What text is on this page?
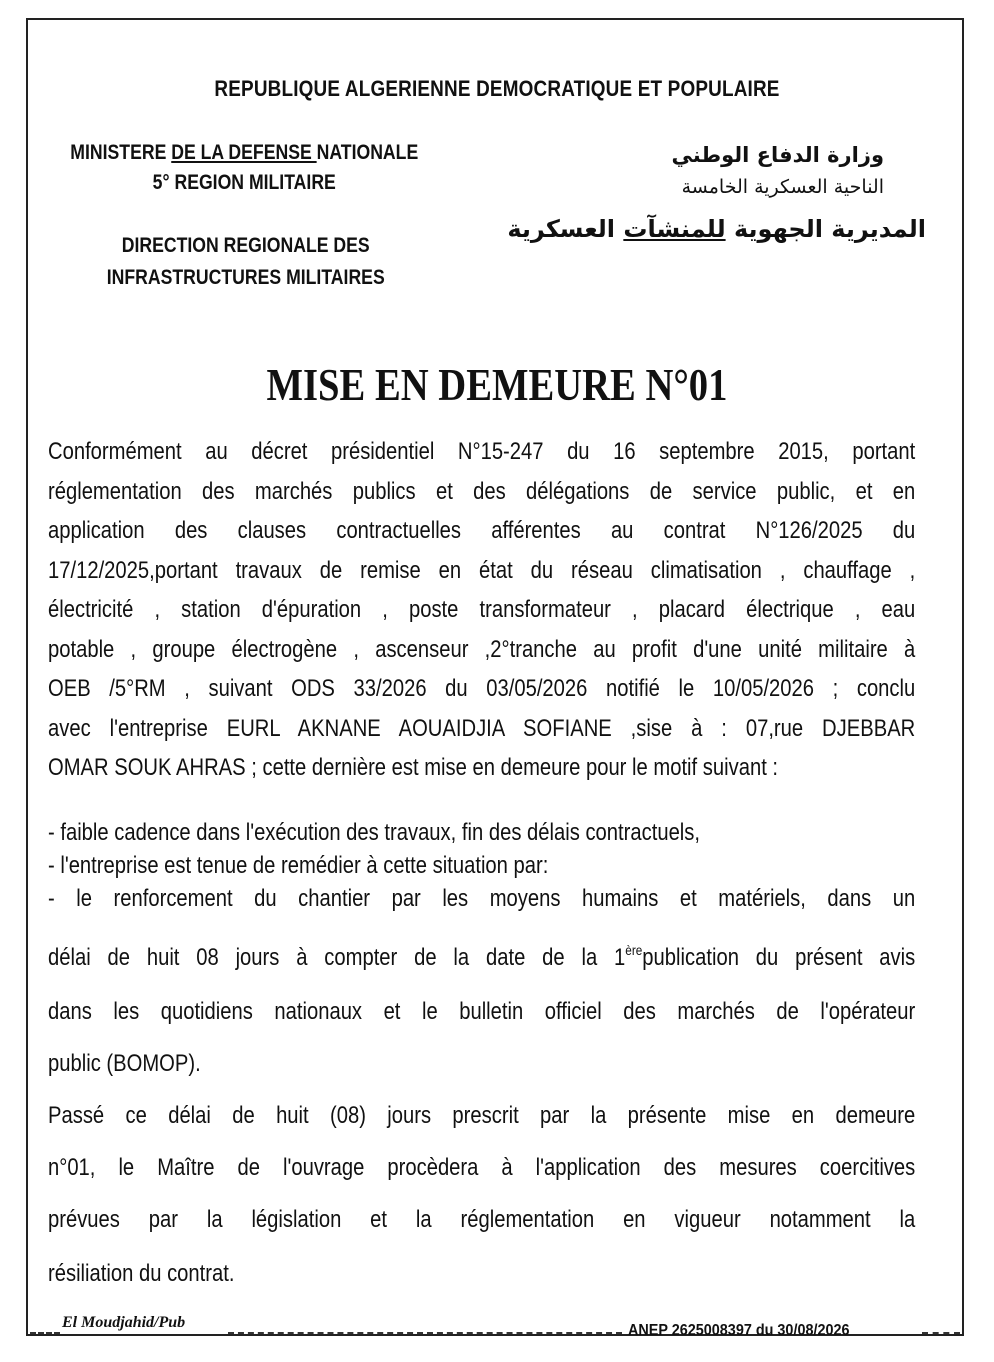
REPUBLIQUE ALGERIENNE DEMOCRATIQUE ET POPULAIRE
MINISTERE DE LA DEFENSE NATIONALE
5° REGION MILITAIRE
DIRECTION REGIONALE DES
INFRASTRUCTURES MILITAIRES
وزارة الدفاع الوطني
الناحية العسكرية الخامسة
المديرية الجهوية للمنشآت العسكرية
MISE EN DEMEURE N°01
Conformément au décret présidentiel N°15-247 du 16 septembre 2015, portant
réglementation des marchés publics et des délégations de service public, et en
application des clauses contractuelles afférentes au contrat N°126/2025 du
17/12/2025,portant travaux de remise en état du réseau climatisation , chauffage ,
électricité , station d'épuration , poste transformateur , placard électrique , eau
potable , groupe électrogène , ascenseur ,2°tranche au profit d'une unité militaire à
OEB /5°RM , suivant ODS 33/2026 du 03/05/2026 notifié le 10/05/2026 ; conclu
avec l'entreprise EURL AKNANE AOUAIDJIA SOFIANE ,sise à : 07,rue DJEBBAR
OMAR SOUK AHRAS ; cette dernière est mise en demeure pour le motif suivant :
- faible cadence dans l'exécution des travaux, fin des délais contractuels,
- l'entreprise est tenue de remédier à cette situation par:
- le renforcement du chantier par les moyens humains et matériels, dans un
délai de huit 08 jours à compter de la date de la 1èrepublication du présent avis
dans les quotidiens nationaux et le bulletin officiel des marchés de l'opérateur
public (BOMOP).
Passé ce délai de huit (08) jours prescrit par la présente mise en demeure
n°01, le Maître de l'ouvrage procèdera à l'application des mesures coercitives
prévues par la législation et la réglementation en vigueur notamment la
résiliation du contrat.
El Moudjahid/Pub	ANEP 2625008397 du 30/08/2026
